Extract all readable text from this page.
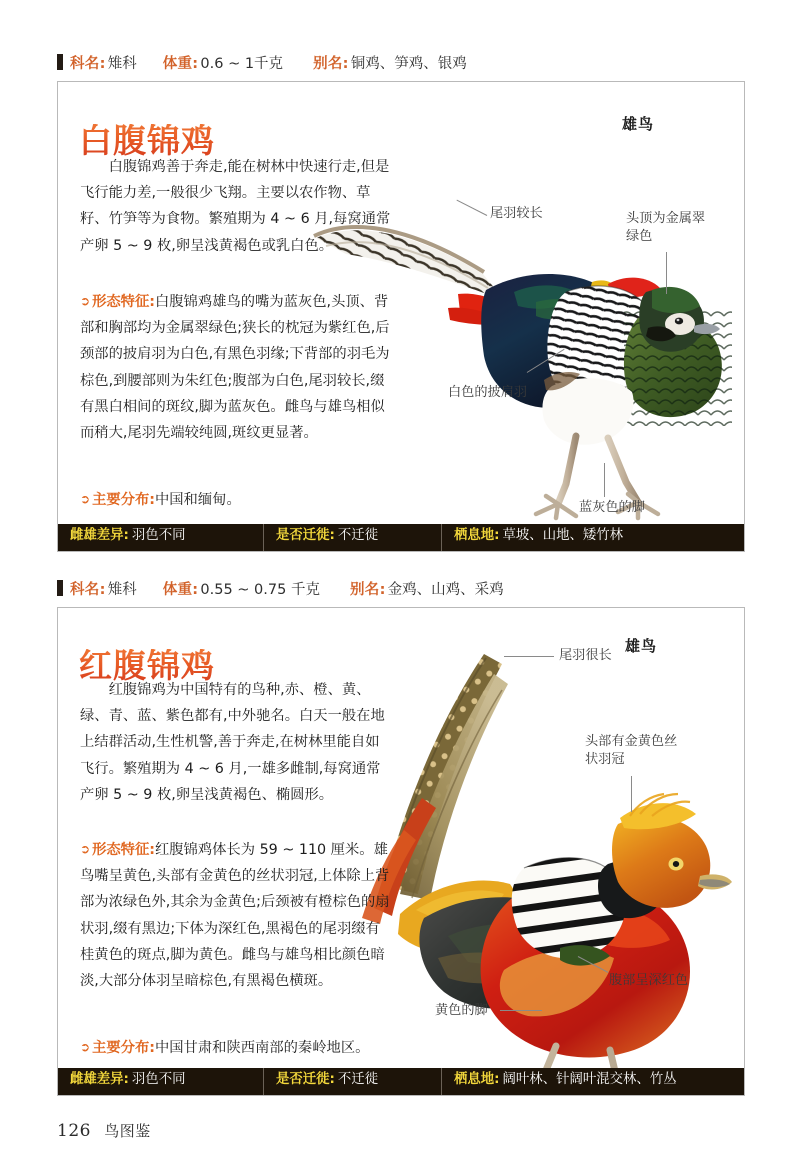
科名: 雉科 体重: 0.6 ~ 1千克 别名: 铜鸡、笋鸡、银鸡
白腹锦鸡	雄鸟
尾羽较长	头顶为金属翠绿色
白色的披肩羽
蓝灰色的脚

白腹锦鸡善于奔走,能在树林中快速行走,但是飞行能力差,一般很少飞翔。主要以农作物、草籽、竹笋等为食物。繁殖期为 4 ~ 6 月,每窝通常产卵 5 ~ 9 枚,卵呈浅黄褐色或乳白色。

➲ 形态特征:白腹锦鸡雄鸟的嘴为蓝灰色,头顶、背部和胸部均为金属翠绿色;狭长的枕冠为紫红色,后颈部的披肩羽为白色,有黑色羽缘;下背部的羽毛为棕色,到腰部则为朱红色;腹部为白色,尾羽较长,缀有黑白相间的斑纹,脚为蓝灰色。雌鸟与雄鸟相似而稍大,尾羽先端较纯圆,斑纹更显著。

➲ 主要分布:中国和缅甸。

雌雄差异: 羽色不同	是否迁徙: 不迁徙	栖息地: 草坡、山地、矮竹林
科名: 雉科 体重: 0.55 ~ 0.75 千克 别名: 金鸡、山鸡、采鸡
红腹锦鸡
雄鸟
尾羽很长
头部有金黄色丝状羽冠
腹部呈深红色
黄色的脚

红腹锦鸡为中国特有的鸟种,赤、橙、黄、绿、青、蓝、紫色都有,中外驰名。白天一般在地上结群活动,生性机警,善于奔走,在树林里能自如飞行。繁殖期为 4 ~ 6 月,一雄多雌制,每窝通常产卵 5 ~ 9 枚,卵呈浅黄褐色、椭圆形。

➲ 形态特征:红腹锦鸡体长为 59 ~ 110 厘米。雄鸟嘴呈黄色,头部有金黄色的丝状羽冠,上体除上背部为浓绿色外,其余为金黄色;后颈被有橙棕色的扇状羽,缀有黑边;下体为深红色,黑褐色的尾羽缀有桂黄色的斑点,脚为黄色。雌鸟与雄鸟相比颜色暗淡,大部分体羽呈暗棕色,有黑褐色横斑。

➲ 主要分布:中国甘肃和陕西南部的秦岭地区。

雌雄差异: 羽色不同	是否迁徙: 不迁徙	栖息地: 阔叶林、针阔叶混交林、竹丛
126 鸟图鉴
